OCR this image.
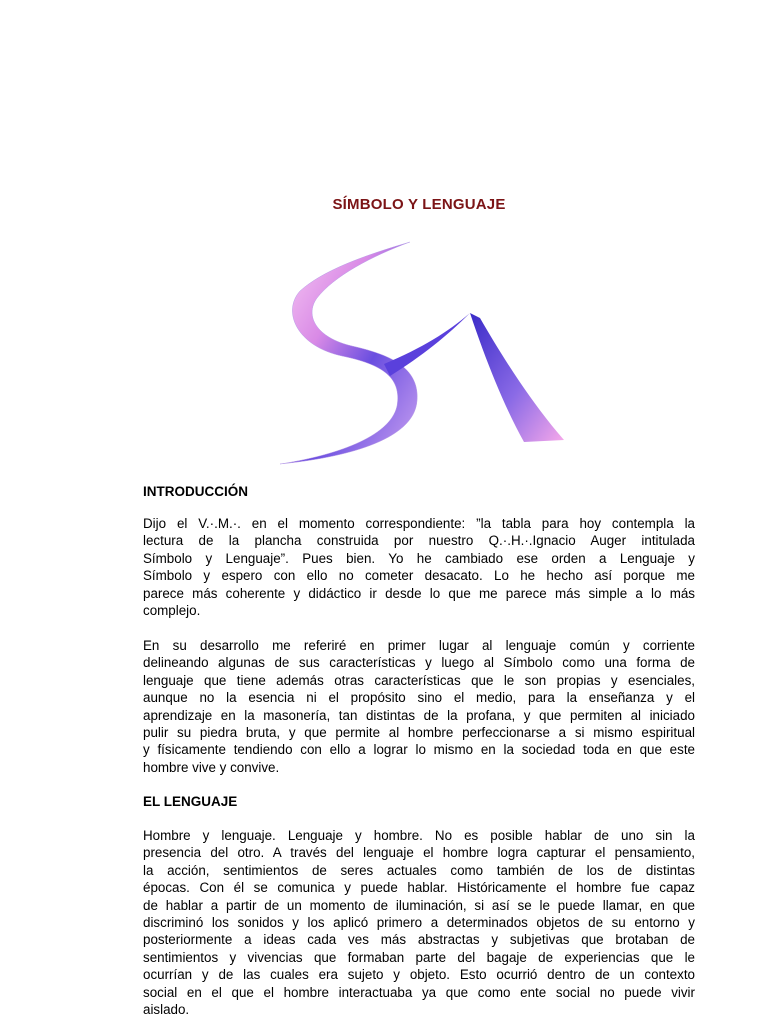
SÍMBOLO Y LENGUAJE
INTRODUCCIÓN
Dijo el V.·.M.·. en el momento correspondiente: ”la tabla para hoy contempla la
lectura de la plancha construida por nuestro Q.·.H.·.Ignacio Auger intitulada
Símbolo y Lenguaje”. Pues bien. Yo he cambiado ese orden a Lenguaje y
Símbolo y espero con ello no cometer desacato. Lo he hecho así porque me
parece más coherente y didáctico ir desde lo que me parece más simple a lo más
complejo.
En su desarrollo me referiré en primer lugar al lenguaje común y corriente
delineando algunas de sus características y luego al Símbolo como una forma de
lenguaje que tiene además otras características que le son propias y esenciales,
aunque no la esencia ni el propósito sino el medio, para la enseñanza y el
aprendizaje en la masonería, tan distintas de la profana, y que permiten al iniciado
pulir su piedra bruta, y que permite al hombre perfeccionarse a si mismo espiritual
y físicamente tendiendo con ello a lograr lo mismo en la sociedad toda en que este
hombre vive y convive.
EL LENGUAJE
Hombre y lenguaje. Lenguaje y hombre. No es posible hablar de uno sin la
presencia del otro. A través del lenguaje el hombre logra capturar el pensamiento,
la acción, sentimientos de seres actuales como también de los de distintas
épocas. Con él se comunica y puede hablar. Históricamente el hombre fue capaz
de hablar a partir de un momento de iluminación, si así se le puede llamar, en que
discriminó los sonidos y los aplicó primero a determinados objetos de su entorno y
posteriormente a ideas cada ves más abstractas y subjetivas que brotaban de
sentimientos y vivencias que formaban parte del bagaje de experiencias que le
ocurrían y de las cuales era sujeto y objeto. Esto ocurrió dentro de un contexto
social en el que el hombre interactuaba ya que como ente social no puede vivir
aislado.
